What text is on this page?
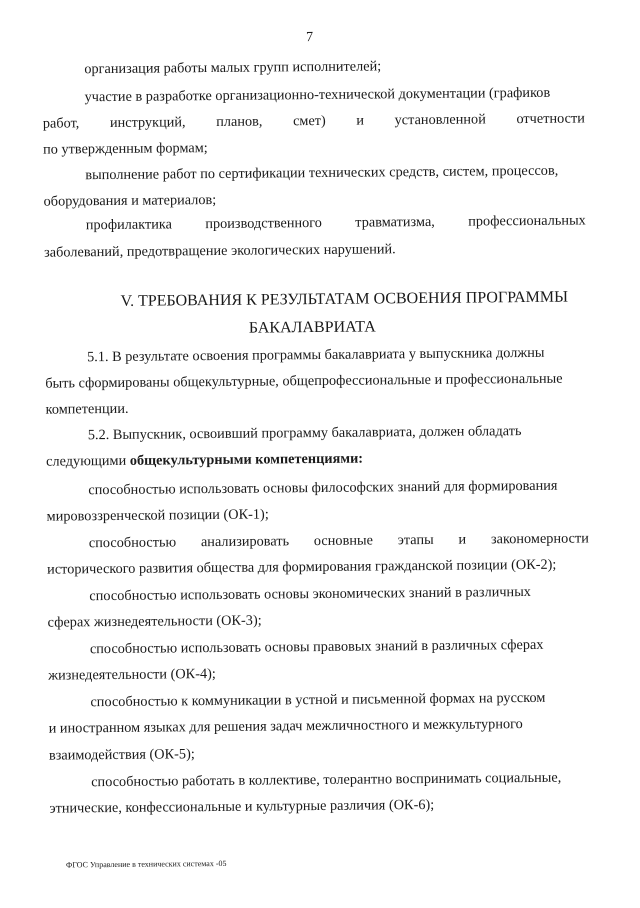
7
организация работы малых групп исполнителей;
участие в разработке организационно-технической документации (графиков
работ, инструкций, планов, смет) и установленной отчетности
по утвержденным формам;
выполнение работ по сертификации технических средств, систем, процессов,
оборудования и материалов;
профилактика производственного травматизма, профессиональных
заболеваний, предотвращение экологических нарушений.
V. ТРЕБОВАНИЯ К РЕЗУЛЬТАТАМ ОСВОЕНИЯ ПРОГРАММЫ
БАКАЛАВРИАТА
5.1. В результате освоения программы бакалавриата у выпускника должны
быть сформированы общекультурные, общепрофессиональные и профессиональные
компетенции.
5.2. Выпускник, освоивший программу бакалавриата, должен обладать
следующими общекультурными компетенциями:
способностью использовать основы философских знаний для формирования
мировоззренческой позиции (ОК-1);
способностью анализировать основные этапы и закономерности
исторического развития общества для формирования гражданской позиции (ОК-2);
способностью использовать основы экономических знаний в различных
сферах жизнедеятельности (ОК-3);
способностью использовать основы правовых знаний в различных сферах
жизнедеятельности (ОК-4);
способностью к коммуникации в устной и письменной формах на русском
и иностранном языках для решения задач межличностного и межкультурного
взаимодействия (ОК-5);
способностью работать в коллективе, толерантно воспринимать социальные,
этнические, конфессиональные и культурные различия (ОК-6);
ФГОС Управление в технических системах -05
